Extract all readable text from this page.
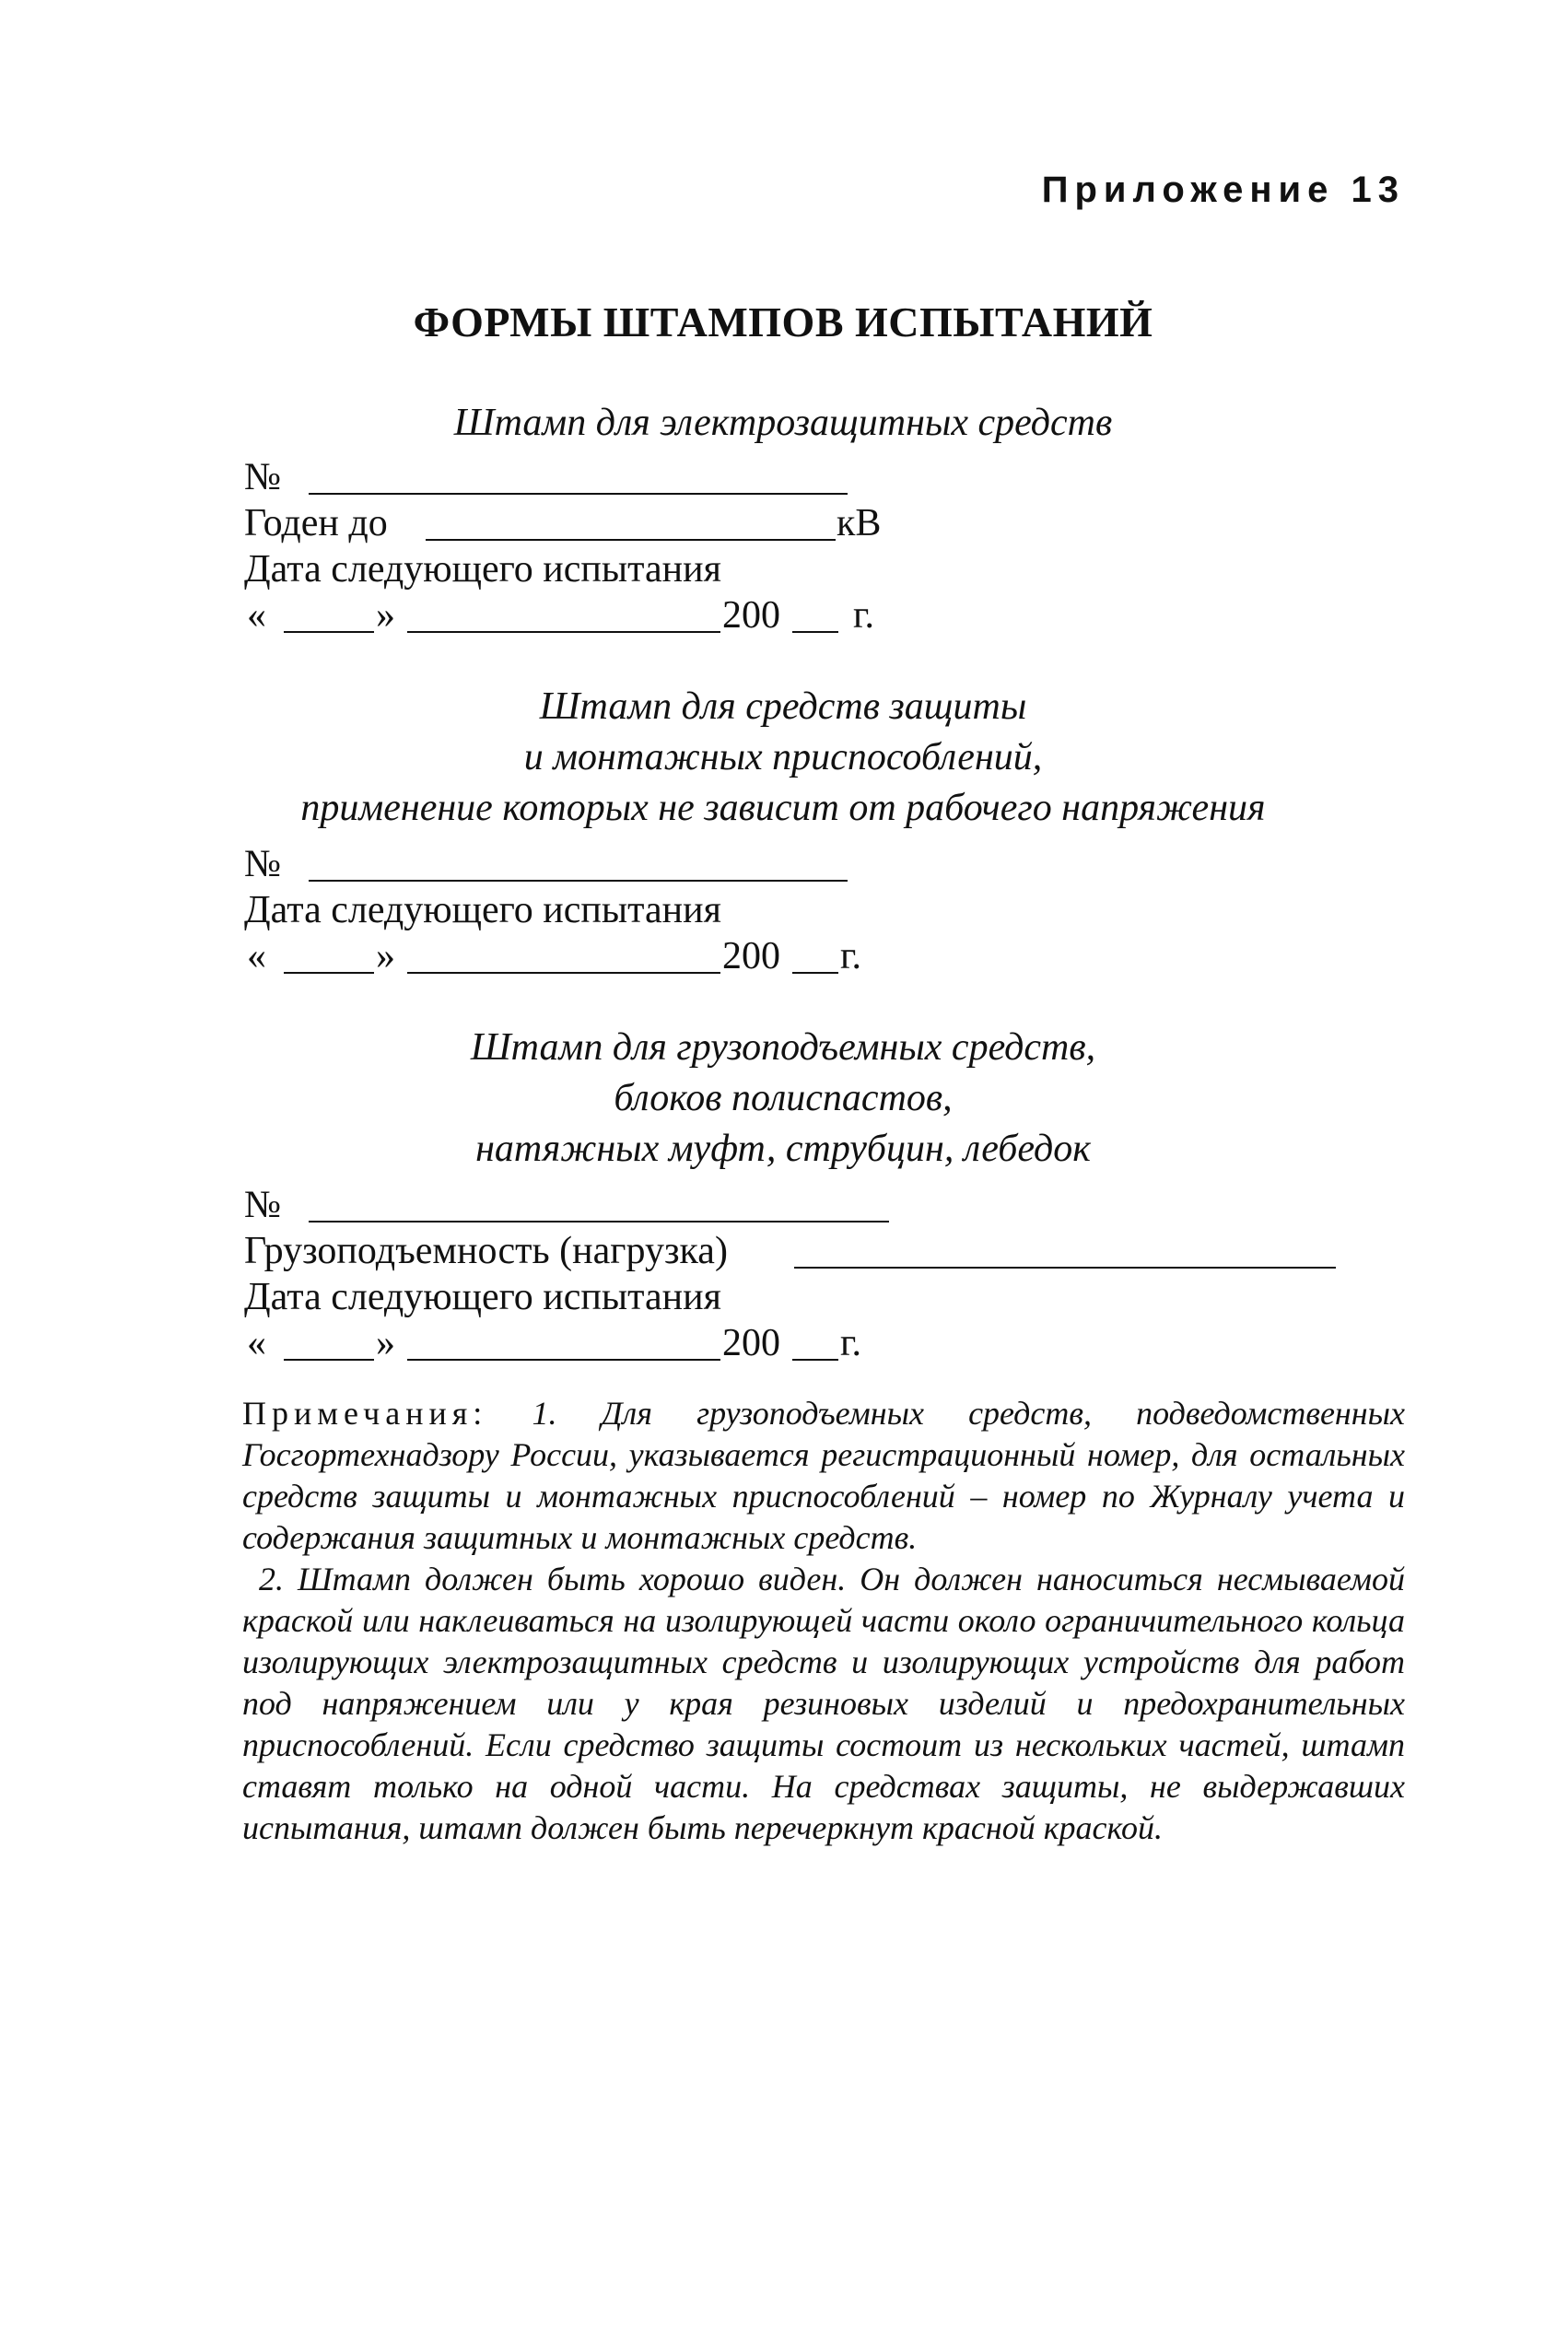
Приложение 13
ФОРМЫ ШТАМПОВ ИСПЫТАНИЙ
Штамп для электрозащитных средств
№
Годен до	кВ
Дата следующего испытания
«	»	200 г.
Штамп для средств защиты
и монтажных приспособлений,
применение которых не зависит от рабочего напряжения
№
Дата следующего испытания
«	»	200 г.
Штамп для грузоподъемных средств,
блоков полиспастов,
натяжных муфт, струбцин, лебедок
№
Грузоподъемность (нагрузка)
Дата следующего испытания
«	»	200 г.

Примечания: 1. Для грузоподъемных средств, подведомственных Госгортехнадзору России, указывается регистрационный номер, для остальных средств защиты и монтажных приспособлений – номер по Журналу учета и содержания защитных и монтажных средств.

2. Штамп должен быть хорошо виден. Он должен наноситься несмываемой краской или наклеиваться на изолирующей части около ограничительного кольца изолирующих электрозащитных средств и изолирующих устройств для работ под напряжением или у края резиновых изделий и предохранительных приспособлений. Если средство защиты состоит из нескольких частей, штамп ставят только на одной части. На средствах защиты, не выдержавших испытания, штамп должен быть перечеркнут красной краской.
